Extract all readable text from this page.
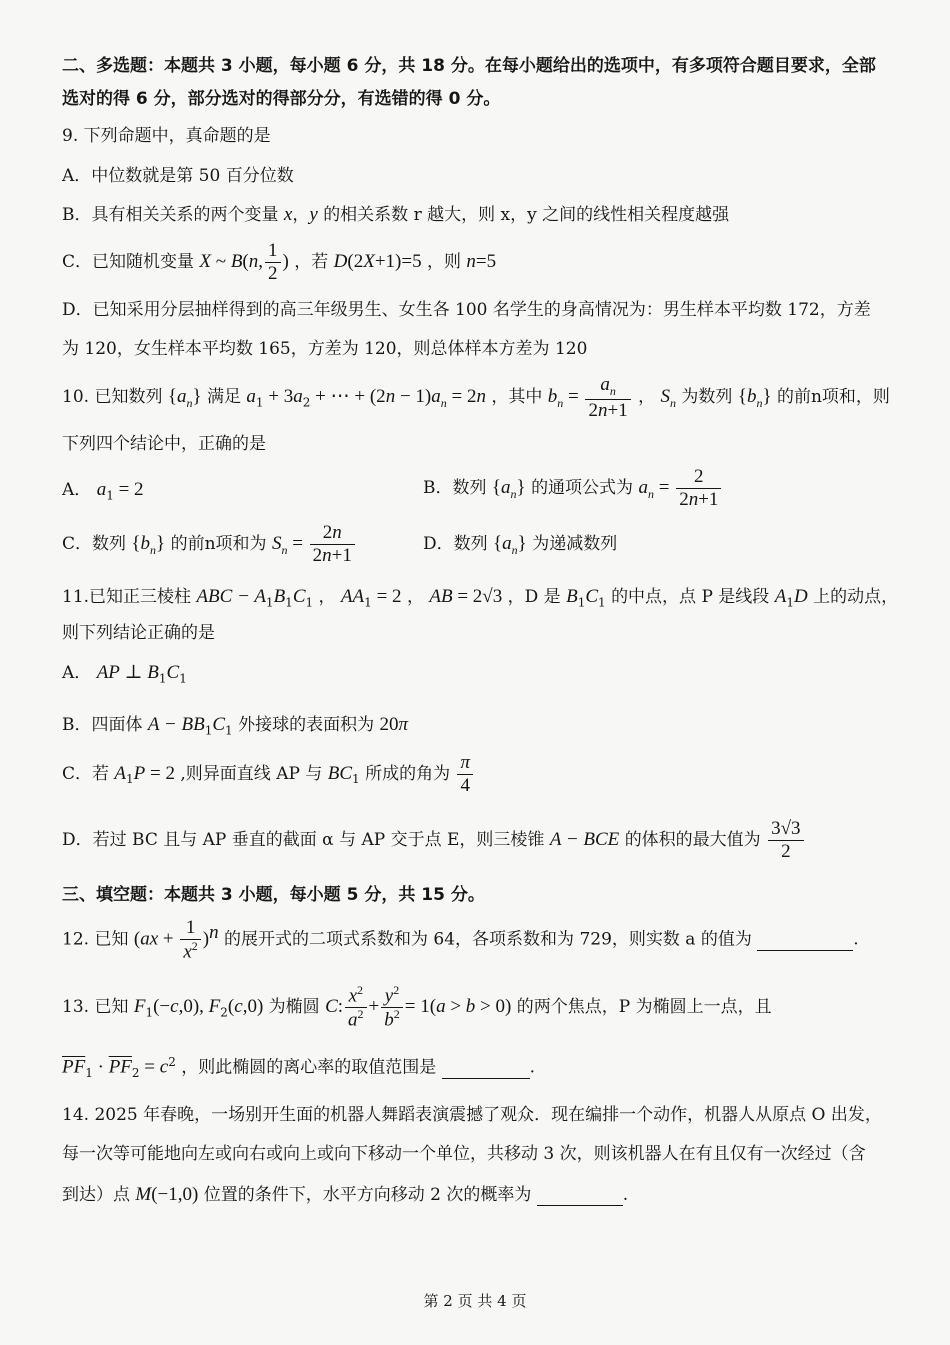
二、多选题：本题共 3 小题，每小题 6 分，共 18 分。在每小题给出的选项中，有多项符合题目要求，全部
选对的得 6 分，部分选对的得部分分，有选错的得 0 分。
9. 下列命题中，真命题的是
A．中位数就是第 50 百分位数
B．具有相关关系的两个变量 x，y 的相关系数 r 越大，则 x，y 之间的线性相关程度越强
C．已知随机变量 X ~ B(n, $\frac{1}{2}$ ) ，若 D(2X+1)=5 ，则 n=5
D．已知采用分层抽样得到的高三年级男生、女生各 100 名学生的身高情况为：男生样本平均数 172，方差
为 120，女生样本平均数 165，方差为 120，则总体样本方差为 120
10. 已知数列 $\{a_n\}$ 满足 $a_1 + 3a_2$ + ⋯ + $(2n - 1)a_n = 2n$ ，其中 $b_n = \frac{a_n}{2n+1}$ ， $S_n$ 为数列 $\{b_n\}$ 的前n项和，则
下列四个结论中，正确的是
A． $a_1 = 2$	B．数列 $\{a_n\}$ 的通项公式为 $a_n = \frac{2}{2n+1}$
C．数列 $\{b_n\}$ 的前n项和为 $S_n = \frac{2n}{2n+1}$	D．数列 $\{a_n\}$ 为递减数列
11.已知正三棱柱 ABC − $A_1B_1C_1$ ， $AA_1 = 2$ ， AB = 2√3 ，D 是 $B_1C_1$ 的中点，点 P 是线段 $A_1D$ 上的动点，
则下列结论正确的是
A． AP ⊥ $B_1C_1$
B．四面体 $A - BB_1C_1$ 外接球的表面积为 20π
C．若 $A_1P = 2$ ,则异面直线 AP 与 $BC_1$ 所成的角为 $\frac{\pi}{4}$
D．若过 BC 且与 AP 垂直的截面 α 与 AP 交于点 E，则三棱锥 A − BCE 的体积的最大值为 $\frac{3√3}{2}$
三、填空题：本题共 3 小题，每小题 5 分，共 15 分。
12. 已知 $(ax + \frac{1}{x^2} )^n$ 的展开式的二项式系数和为 64，各项系数和为 729，则实数 a 的值为	.
13. 已知 $F_1(-c,0)$, $F_2(c,0)$ 为椭圆 C: $\frac{x^2}{a^2} + \frac{y^2}{b^2} = 1(a > b > 0)$ 的两个焦点，P 为椭圆上一点，且
$\overline{PF}_1 \cdot \overline{PF}_2 = c^2$ ，则此椭圆的离心率的取值范围是	.
14. 2025 年春晚，一场别开生面的机器人舞蹈表演震撼了观众．现在编排一个动作，机器人从原点 O 出发，
每一次等可能地向左或向右或向上或向下移动一个单位，共移动 3 次，则该机器人在有且仅有一次经过（含
到达）点 M(−1,0) 位置的条件下，水平方向移动 2 次的概率为	.
第 2 页 共 4 页
